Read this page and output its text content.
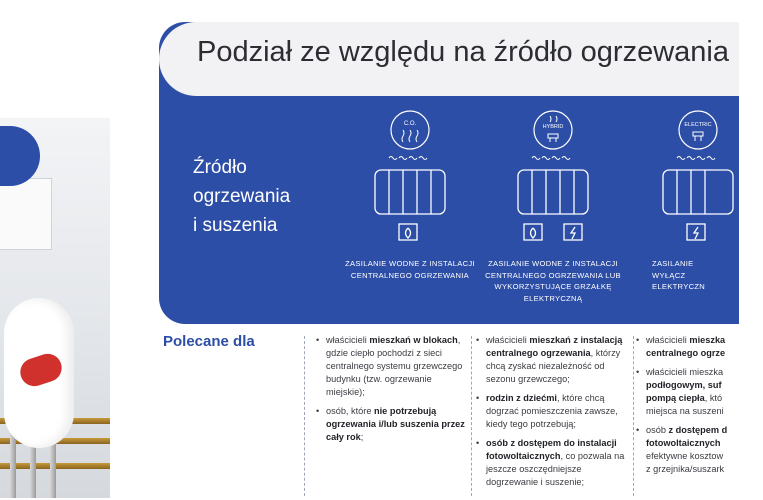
Podział ze względu na źródło ogrzewania

Źródło
ogrzewania
i suszenia

C.O.
ZASILANIE WODNE Z INSTALACJI CENTRALNEGO OGRZEWANIA
HYBRID
ZASILANIE WODNE Z INSTALACJI CENTRALNEGO OGRZEWANIA LUB WYKORZYSTUJĄCE GRZAŁKĘ ELEKTRYCZNĄ
ELECTRIC
ZASILANIE WYŁĄCZ ELEKTRYCZN

Polecane dla

•	właścicieli mieszkań w blokach, gdzie ciepło pochodzi z sieci centralnego systemu grzewczego budynku (tzw. ogrzewanie miejskie);
• osób, które nie potrzebują ogrzewania i/lub suszenia przez cały rok;
• właścicieli mieszkań z instalacją centralnego ogrzewania, którzy chcą zyskać niezależność od sezonu grzewczego;
• rodzin z dziećmi, które chcą dogrzać pomieszczenia zawsze, kiedy tego potrzebują;
• osób z dostępem do instalacji fotowoltaicznych, co pozwala na jeszcze oszczędniejsze dogrzewanie i suszenie;
• właścicieli mieszka
centralnego ogrze
• właścicieli mieszka
podłogowym, suf
pompą ciepła, któ
miejsca na suszeni
• osób z dostępem d
fotowoltaicznych
efektywne kosztow
z grzejnika/suszark
